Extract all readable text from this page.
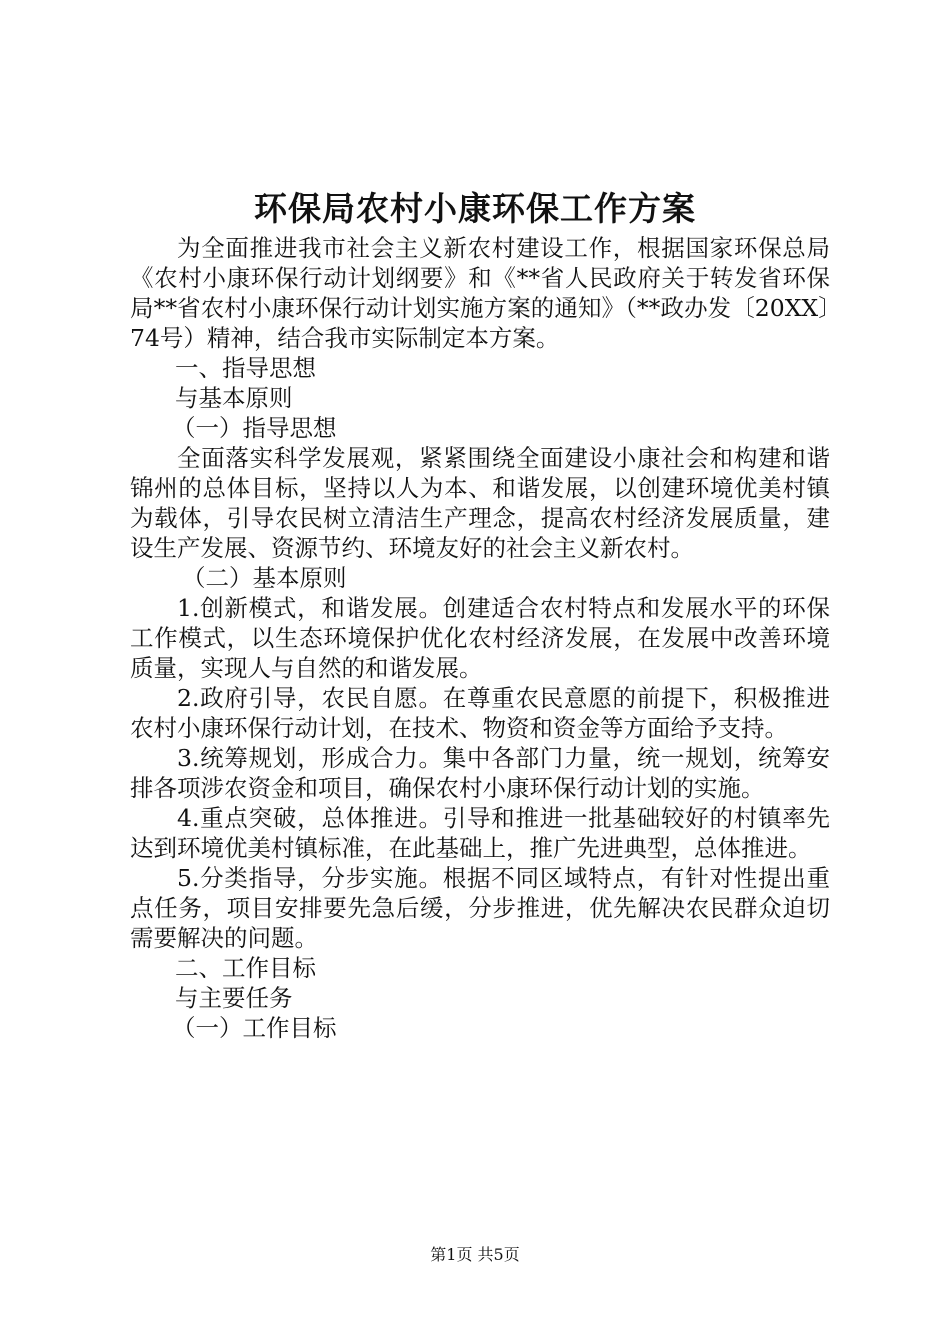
环保局农村小康环保工作方案

为全面推进我市社会主义新农村建设工作，根据国家环保总局《农村小康环保行动计划纲要》和《**省人民政府关于转发省环保局**省农村小康环保行动计划实施方案的通知》（**政办发〔20XX〕74号）精神，结合我市实际制定本方案。

一、指导思想

与基本原则

（一）指导思想

全面落实科学发展观，紧紧围绕全面建设小康社会和构建和谐锦州的总体目标，坚持以人为本、和谐发展，以创建环境优美村镇为载体，引导农民树立清洁生产理念，提高农村经济发展质量，建设生产发展、资源节约、环境友好的社会主义新农村。

（二）基本原则

1.创新模式，和谐发展。创建适合农村特点和发展水平的环保工作模式，以生态环境保护优化农村经济发展，在发展中改善环境质量，实现人与自然的和谐发展。

2.政府引导，农民自愿。在尊重农民意愿的前提下，积极推进农村小康环保行动计划，在技术、物资和资金等方面给予支持。

3.统筹规划，形成合力。集中各部门力量，统一规划，统筹安排各项涉农资金和项目，确保农村小康环保行动计划的实施。

4.重点突破，总体推进。引导和推进一批基础较好的村镇率先达到环境优美村镇标准，在此基础上，推广先进典型，总体推进。

5.分类指导，分步实施。根据不同区域特点，有针对性提出重点任务，项目安排要先急后缓，分步推进，优先解决农民群众迫切需要解决的问题。

二、工作目标

与主要任务

（一）工作目标

第1页 共5页
